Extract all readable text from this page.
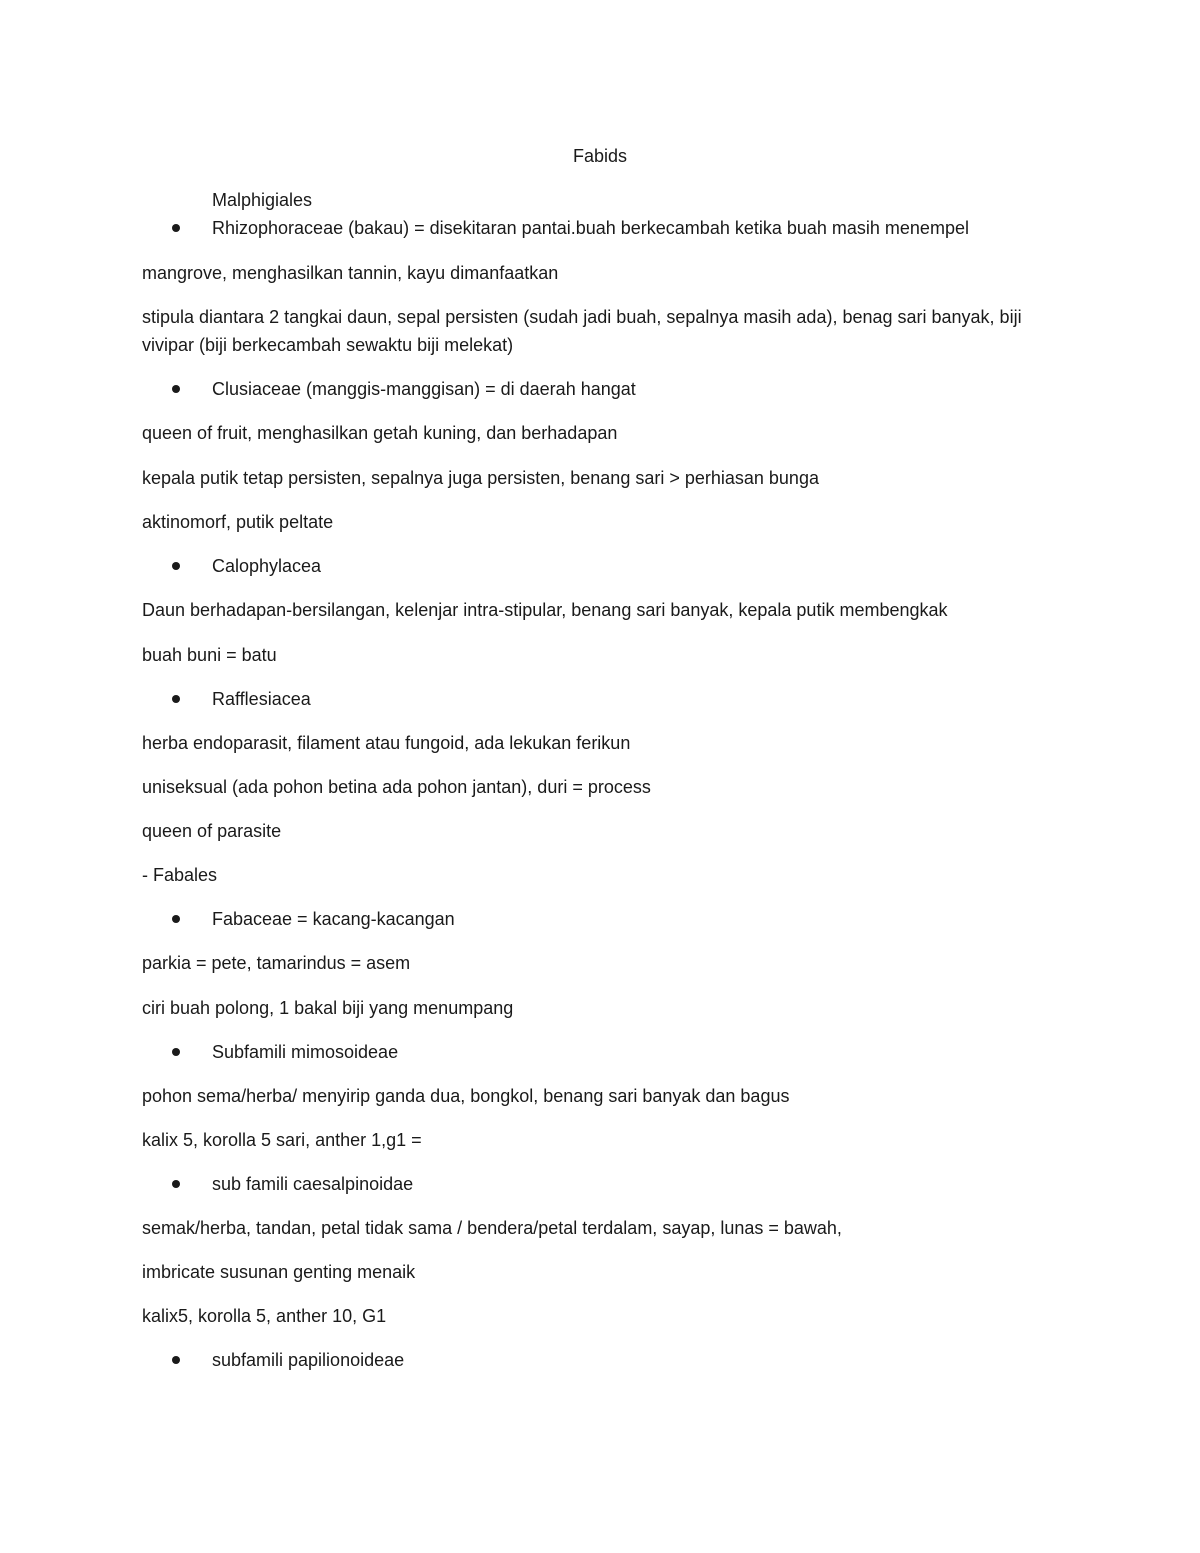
Fabids
Malphigiales
Rhizophoraceae (bakau) = disekitaran pantai.buah berkecambah ketika buah masih menempel
mangrove, menghasilkan tannin, kayu dimanfaatkan
stipula diantara 2 tangkai daun, sepal persisten (sudah jadi buah, sepalnya masih ada), benag sari banyak, biji vivipar (biji berkecambah sewaktu biji melekat)
Clusiaceae (manggis-manggisan) = di daerah hangat
queen of fruit, menghasilkan getah kuning, dan berhadapan
kepala putik tetap persisten, sepalnya juga persisten, benang sari > perhiasan bunga
aktinomorf, putik peltate
Calophylacea
Daun berhadapan-bersilangan, kelenjar intra-stipular, benang sari banyak, kepala putik membengkak
buah buni = batu
Rafflesiacea
herba endoparasit, filament atau fungoid, ada lekukan ferikun
uniseksual (ada pohon betina ada pohon jantan), duri = process
queen of parasite
- Fabales
Fabaceae = kacang-kacangan
parkia = pete, tamarindus = asem
ciri buah polong, 1 bakal biji yang menumpang
Subfamili mimosoideae
pohon sema/herba/ menyirip ganda dua, bongkol, benang sari banyak dan bagus
kalix 5, korolla 5 sari, anther 1,g1 =
sub famili caesalpinoidae
semak/herba, tandan, petal tidak sama / bendera/petal terdalam, sayap, lunas = bawah,
imbricate susunan genting menaik
kalix5, korolla 5, anther 10, G1
subfamili papilionoideae
